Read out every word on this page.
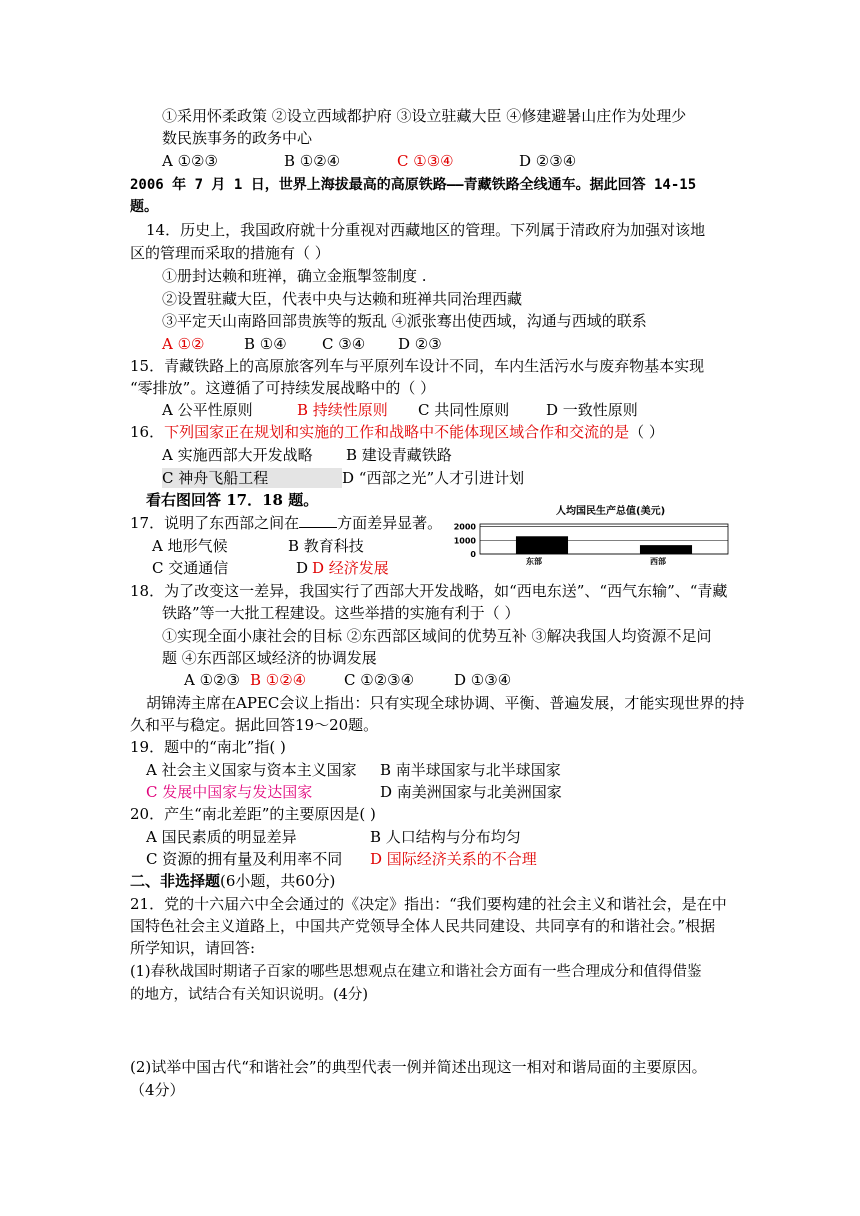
①采用怀柔政策 ②设立西域都护府 ③设立驻藏大臣 ④修建避暑山庄作为处理少
数民族事务的政务中心
A ①②③	B ①②④	C ①③④	D ②③④
2006 年 7 月 1 日，世界上海拔最高的高原铁路——青藏铁路全线通车。据此回答 14-15
题。
14．历史上，我国政府就十分重视对西藏地区的管理。下列属于清政府为加强对该地
区的管理而采取的措施有（ ）
①册封达赖和班禅，确立金瓶掣签制度 .
②设置驻藏大臣，代表中央与达赖和班禅共同治理西藏
③平定天山南路回部贵族等的叛乱 ④派张骞出使西域，沟通与西域的联系
A ①②	B ①④ C ③④ D ②③
15．青藏铁路上的高原旅客列车与平原列车设计不同，车内生活污水与废弃物基本实现
“零排放”。这遵循了可持续发展战略中的（ ）
A 公平性原则	B 持续性原则 C 共同性原则 D 一致性原则
16．下列国家正在规划和实施的工作和战略中不能体现区域合作和交流的是（ ）
A 实施西部大开发战略 B 建设青藏铁路
C 神舟飞船工程	D “西部之光”人才引进计划
看右图回答 17．18 题。
17．说明了东西部之间在	方面差异显著。
A 地形气候	B 教育科技
C 交通通信	D
D 经济发展
人均国民生产总值(美元)
2000
1000
0
东部	西部
18．为了改变这一差异，我国实行了西部大开发战略，如“西电东送”、“西气东输”、“青藏
铁路”等一大批工程建设。这些举措的实施有利于（ ）
①实现全面小康社会的目标 ②东西部区域间的优势互补 ③解决我国人均资源不足问
题 ④东西部区域经济的协调发展
A ①②③ B ①②④	C ①②③④	D ①③④
胡锦涛主席在APEC会议上指出：只有实现全球协调、平衡、普遍发展，才能实现世界的持
久和平与稳定。据此回答19～20题。
19．题中的“南北”指( )
A 社会主义国家与资本主义国家 B 南半球国家与北半球国家
C 发展中国家与发达国家	D 南美洲国家与北美洲国家
20．产生“南北差距”的主要原因是( )
A 国民素质的明显差异	B 人口结构与分布均匀
C 资源的拥有量及利用率不同 D 国际经济关系的不合理
二、非选择题(6小题，共60分)
21．党的十六届六中全会通过的《决定》指出：“我们要构建的社会主义和谐社会，是在中
国特色社会主义道路上，中国共产党领导全体人民共同建设、共同享有的和谐社会。”根据
所学知识，请回答:
(1)春秋战国时期诸子百家的哪些思想观点在建立和谐社会方面有一些合理成分和值得借鉴
的地方，试结合有关知识说明。(4分)
(2)试举中国古代“和谐社会”的典型代表一例并简述出现这一相对和谐局面的主要原因。
（4分）
